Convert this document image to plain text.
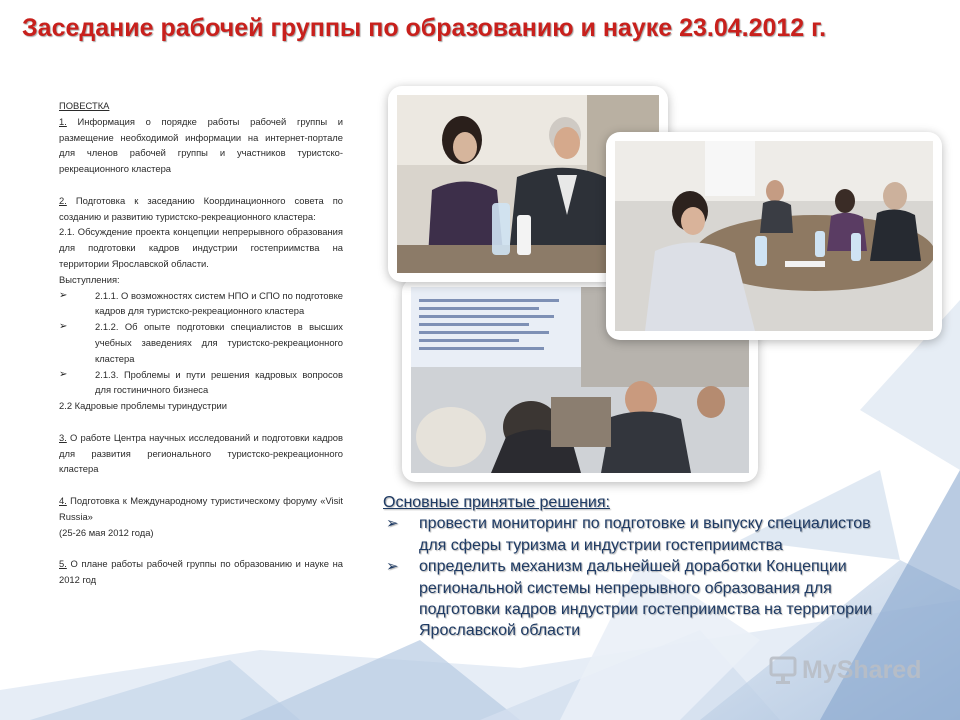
Заседание рабочей группы по образованию и науке 23.04.2012 г.
ПОВЕСТКА

1. Информация о порядке работы рабочей группы и размещение необходимой информации на интернет-портале для членов рабочей группы и участников туристско-рекреационного кластера

2. Подготовка к заседанию Координационного совета по созданию и развитию туристско-рекреационного кластера:

2.1. Обсуждение проекта концепции непрерывного образования для подготовки кадров индустрии гостеприимства на территории Ярославской области.

Выступления:
➢	2.1.1. О возможностях систем НПО и СПО по подготовке кадров для туристско-рекреационного кластера
➢	2.1.2. Об опыте подготовки специалистов в высших учебных заведениях для туристско-рекреационного кластера
➢	2.1.3. Проблемы и пути решения кадровых вопросов для гостиничного бизнеса
2.2 Кадровые проблемы туриндустрии

3. О работе Центра научных исследований и подготовки кадров для развития регионального туристско-рекреационного кластера

4. Подготовка к Международному туристическому форуму «Visit Russia»

(25-26 мая 2012 года)

5. О плане работы рабочей группы по образованию и науке на 2012 год

Основные принятые решения:
➢	провести мониторинг по подготовке и выпуску специалистов для сферы туризма и индустрии гостеприимства
➢	определить механизм дальнейшей доработки Концепции региональной системы непрерывного образования для подготовки кадров индустрии гостеприимства на территории Ярославской области
MyShared
